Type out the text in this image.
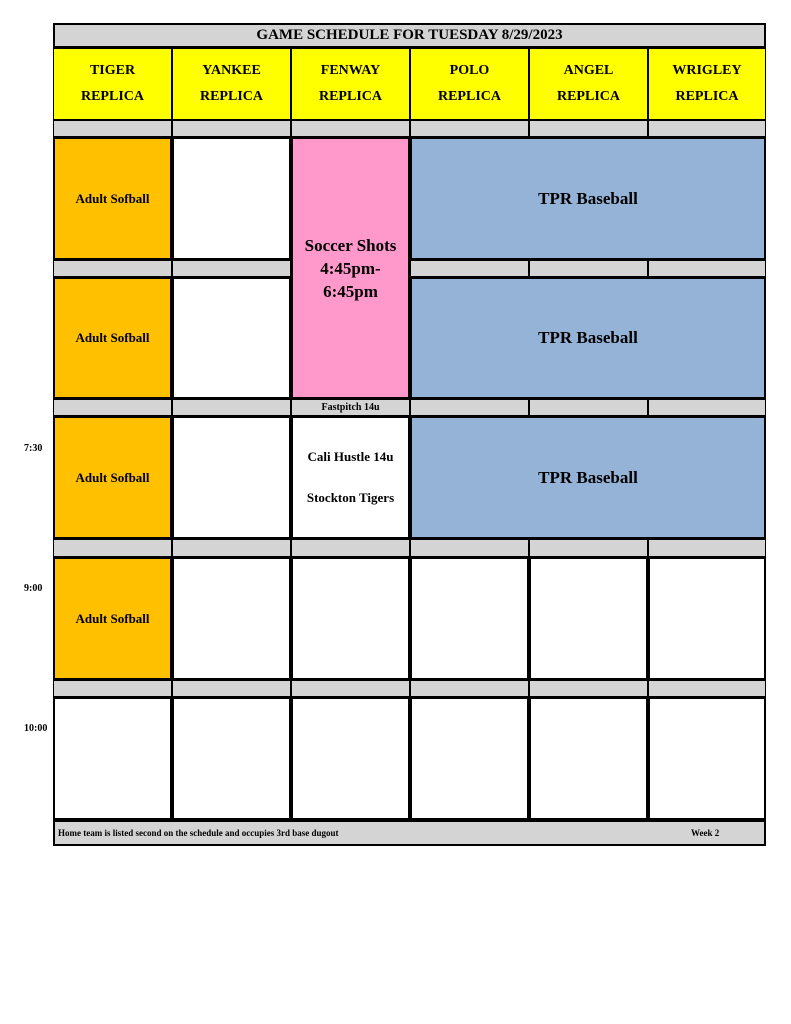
GAME SCHEDULE FOR TUESDAY 8/29/2023
TIGER
REPLICA
YANKEE
REPLICA
FENWAY
REPLICA
POLO
REPLICA
ANGEL
REPLICA
WRIGLEY
REPLICA
Adult Sofball
Soccer Shots
4:45pm-
6:45pm
TPR Baseball
Adult Sofball	TPR Baseball
Fastpitch 14u
Adult Sofball
Cali Hustle 14u
Stockton Tigers
TPR Baseball
Adult Sofball
Home team is listed second on the schedule and occupies 3rd base dugout	Week 2
7:30
9:00
10:00
